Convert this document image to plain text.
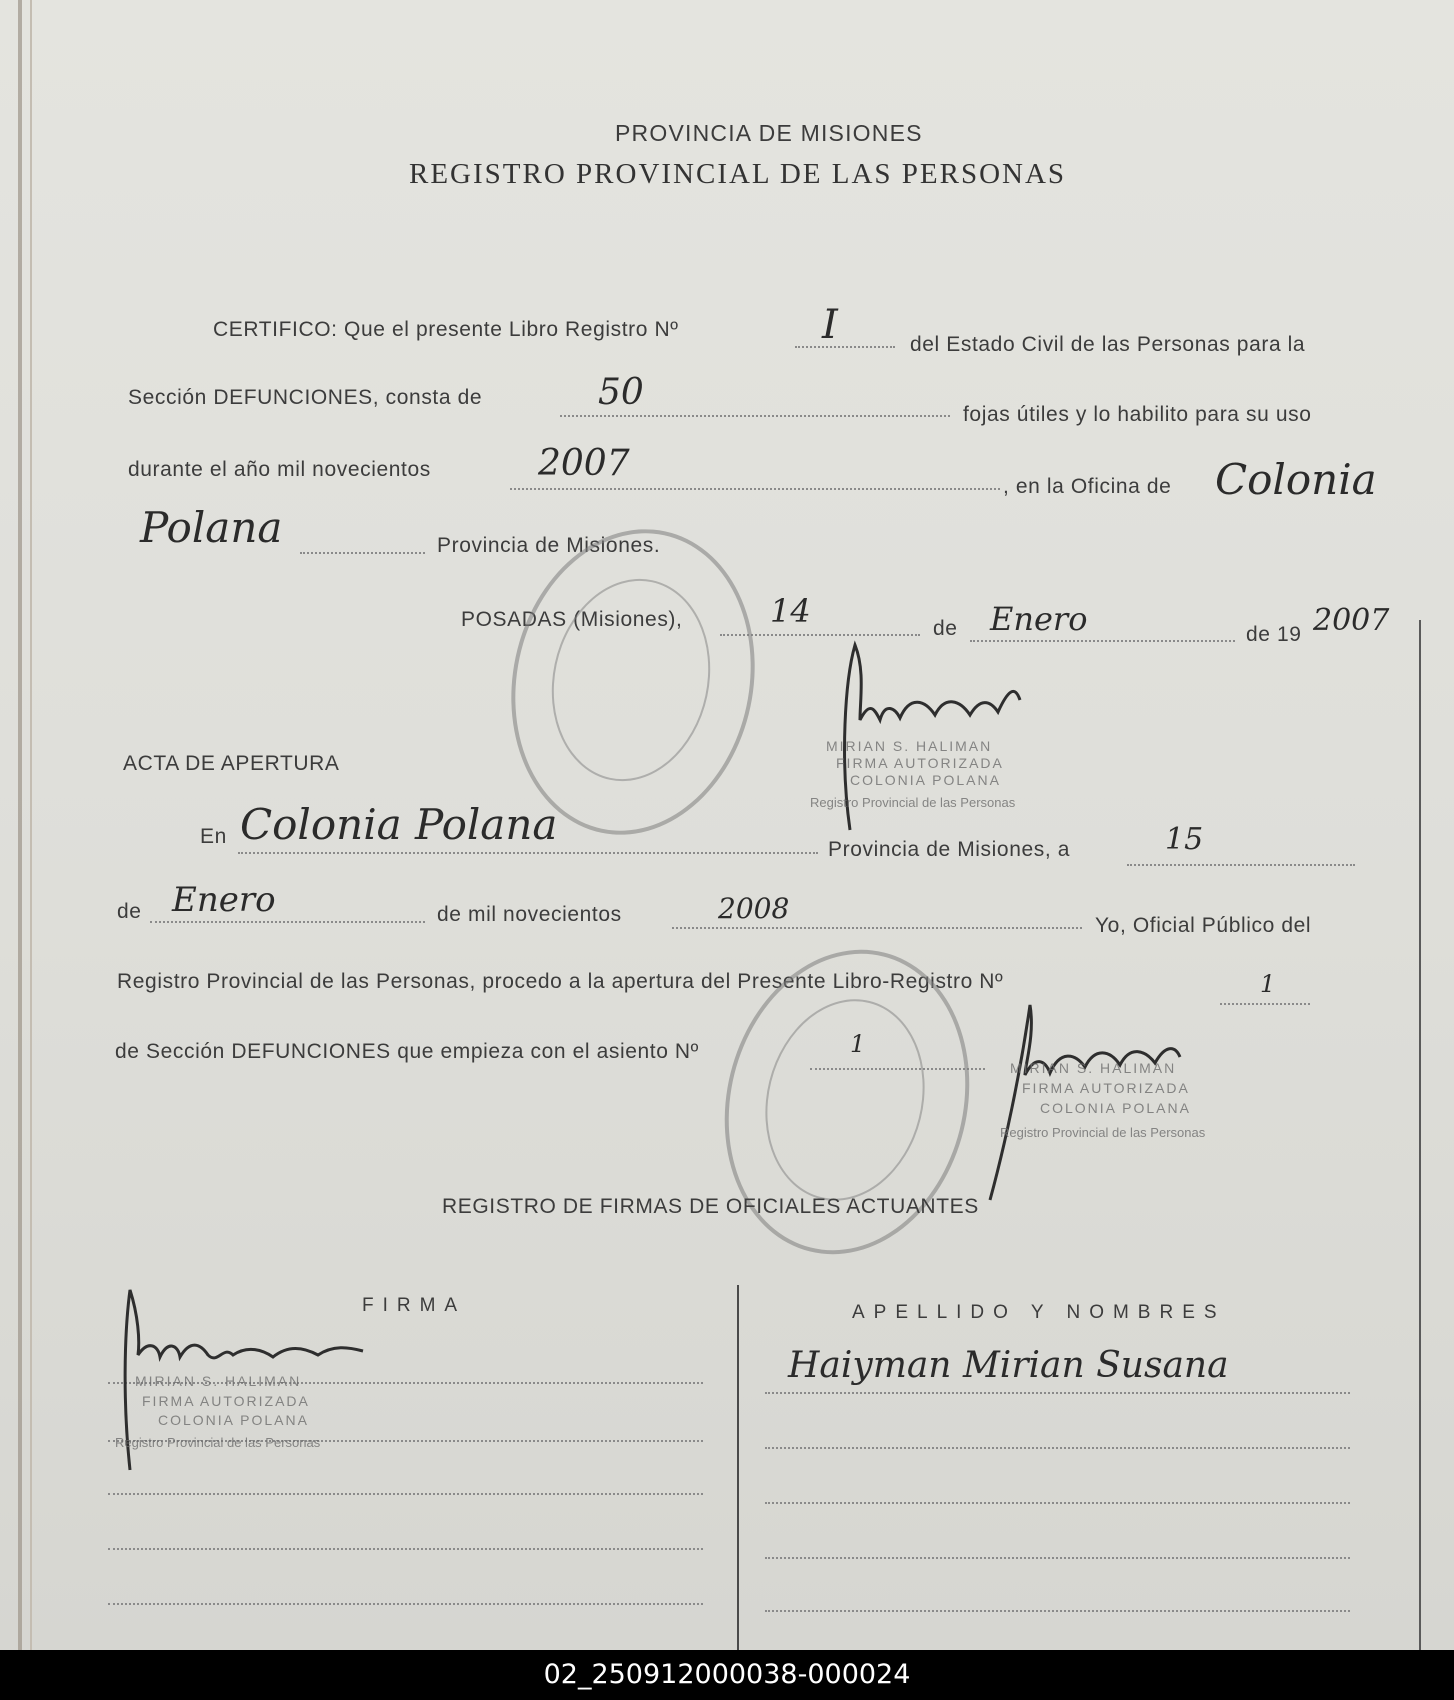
PROVINCIA DE MISIONES
REGISTRO PROVINCIAL DE LAS PERSONAS
CERTIFICO: Que el presente Libro Registro Nº	I	del Estado Civil de las Personas para la
Sección DEFUNCIONES, consta de	50
fojas útiles y lo habilito para su uso
durante el año mil novecientos	2007
, en la Oficina de Colonia
Polana	Provincia de Misiones.
POSADAS (Misiones),	14	de Enero	de 19 2007
MIRIAN S. HALIMAN
FIRMA AUTORIZADA
COLONIA POLANA
Registro Provincial de las Personas
ACTA DE APERTURA
En Colonia Polana
Provincia de Misiones, a	15
de Enero	de mil novecientos	2008
Yo, Oficial Público del
Registro Provincial de las Personas, procedo a la apertura del Presente Libro-Registro Nº	1
de Sección DEFUNCIONES que empieza con el asiento Nº	1
MIRIAN S. HALIMAN
FIRMA AUTORIZADA
COLONIA POLANA
Registro Provincial de las Personas
REGISTRO DE FIRMAS DE OFICIALES ACTUANTES
FIRMA	APELLIDO Y NOMBRES
Haiyman Mirian Susana
MIRIAN S. HALIMAN
FIRMA AUTORIZADA
COLONIA POLANA
Registro Provincial de las Personas
02_250912000038-000024
